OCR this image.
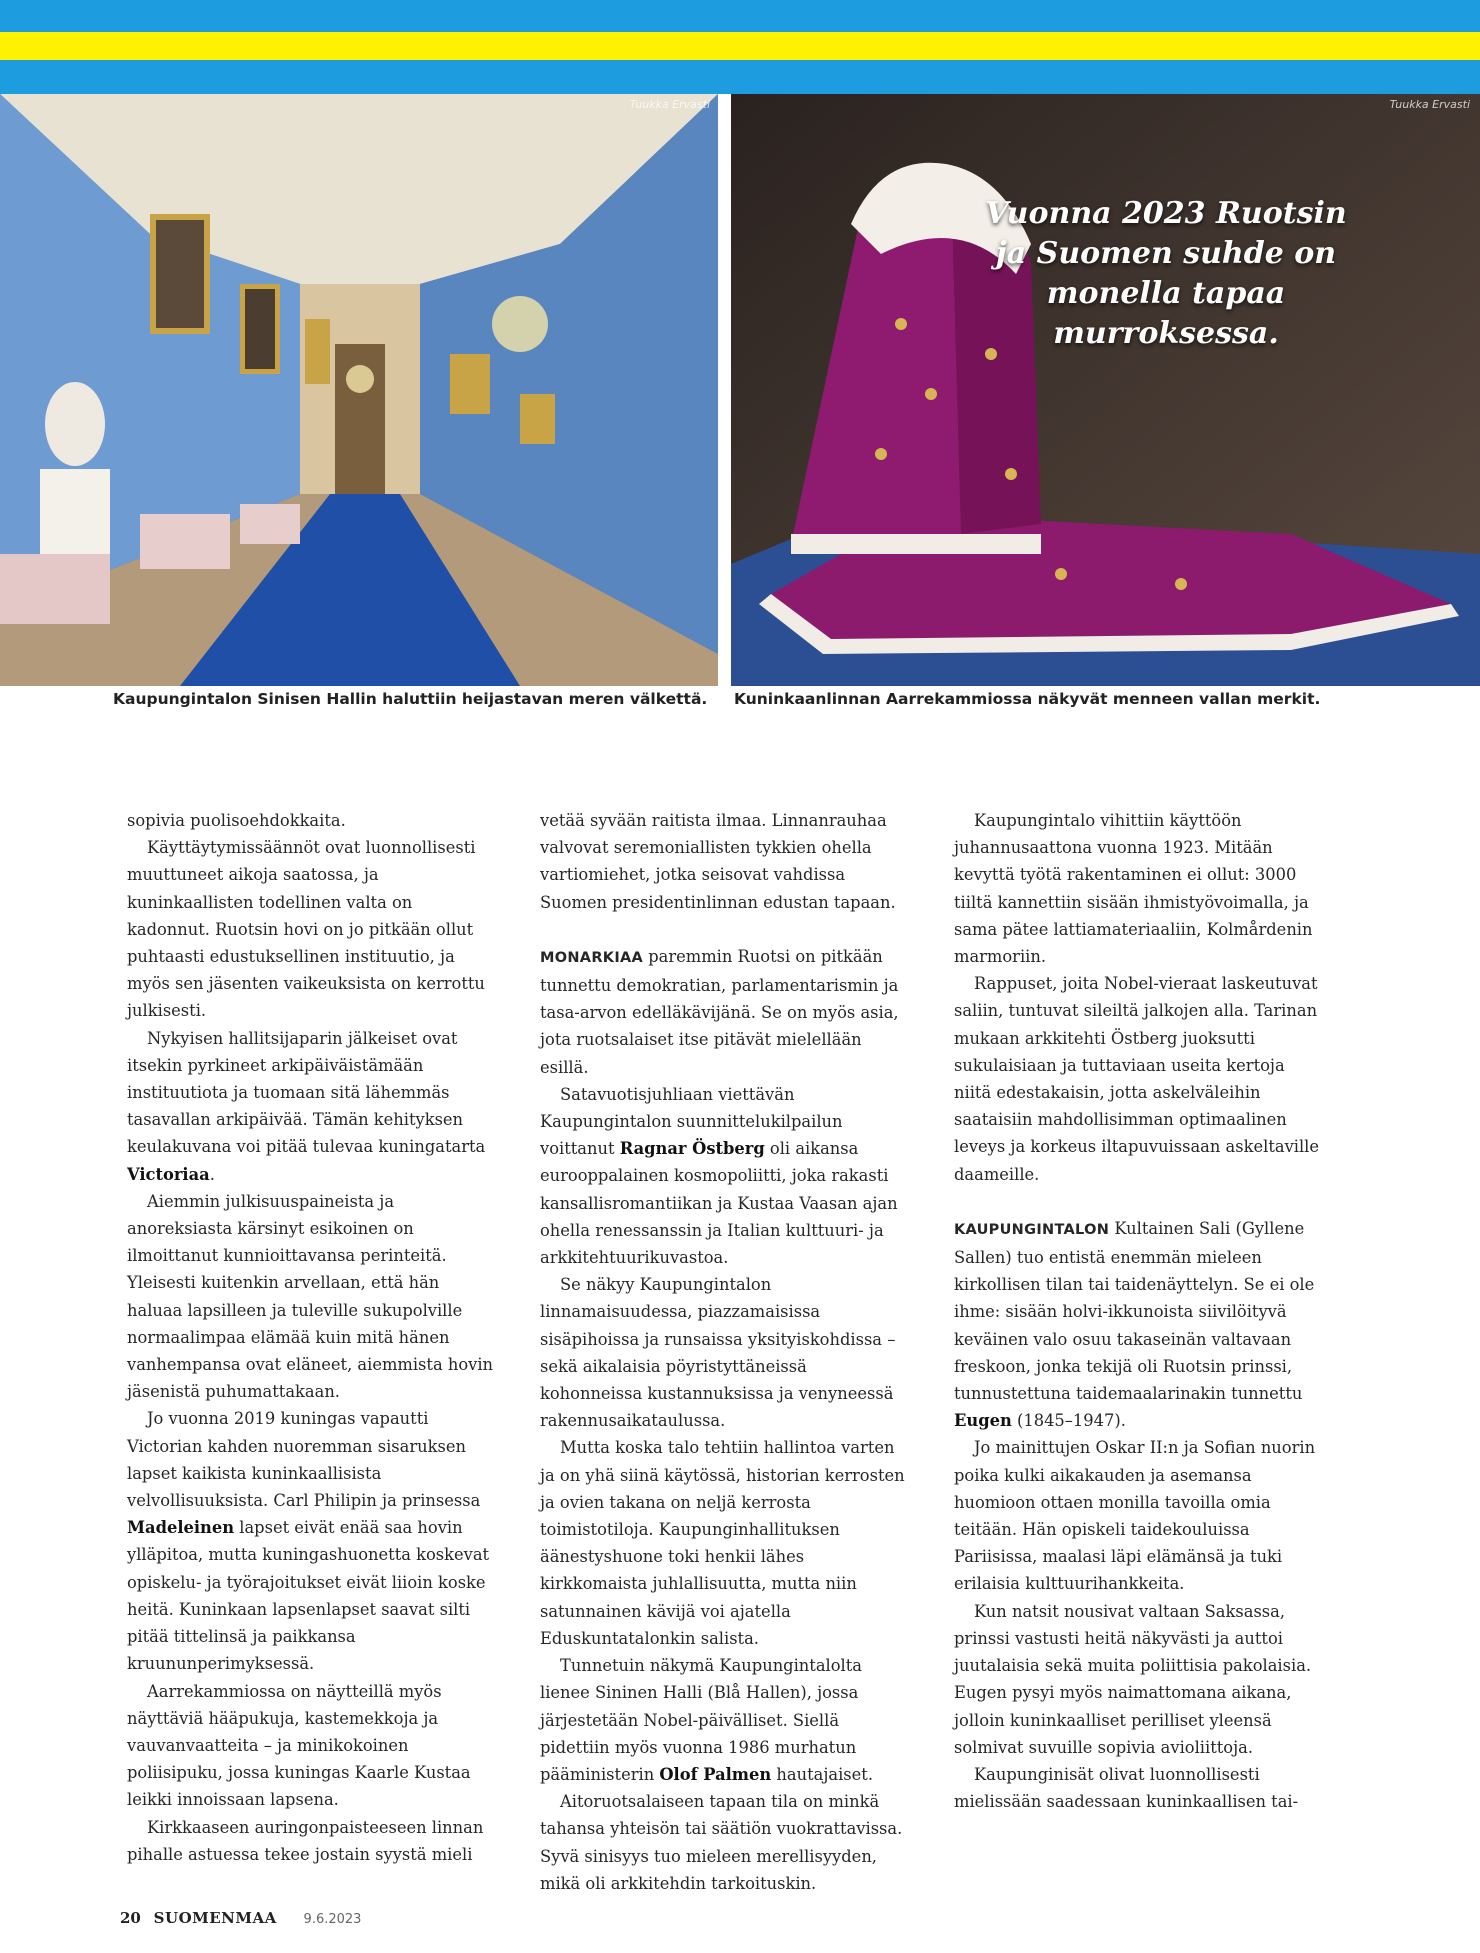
Tuukka Ervasti	Tuukka Ervasti
Vuonna 2023 Ruotsin ja Suomen suhde on monella tapaa murroksessa.
Kaupungintalon Sinisen Hallin haluttiin heijastavan meren välkettä. Kuninkaanlinnan Aarrekammiossa näkyvät menneen vallan merkit.

sopivia puolisoehdokkaita.

Käyttäytymissäännöt ovat luonnollisesti muuttuneet aikoja saatossa, ja kuninkaallisten todellinen valta on kadonnut. Ruotsin hovi on jo pitkään ollut puhtaasti edustuksellinen instituutio, ja myös sen jäsenten vaikeuksista on kerrottu julkisesti.

Nykyisen hallitsijaparin jälkeiset ovat itsekin pyrkineet arkipäiväistämään instituutiota ja tuomaan sitä lähemmäs tasavallan arkipäivää. Tämän kehityksen keulakuvana voi pitää tulevaa kuningatarta Victoriaa.

Aiemmin julkisuuspaineista ja anoreksiasta kärsinyt esikoinen on ilmoittanut kunnioittavansa perinteitä. Yleisesti kuitenkin arvellaan, että hän haluaa lapsilleen ja tuleville sukupolville normaalimpaa elämää kuin mitä hänen vanhempansa ovat eläneet, aiemmista hovin jäsenistä puhumattakaan.

Jo vuonna 2019 kuningas vapautti Victorian kahden nuoremman sisaruksen lapset kaikista kuninkaallisista velvollisuuksista. Carl Philipin ja prinsessa Madeleinen lapset eivät enää saa hovin ylläpitoa, mutta kuningashuonetta koskevat opiskelu- ja työrajoitukset eivät liioin koske heitä. Kuninkaan lapsenlapset saavat silti pitää tittelinsä ja paikkansa kruununperimyksessä.

Aarrekammiossa on näytteillä myös näyttäviä hääpukuja, kastemekkoja ja vauvanvaatteita – ja minikokoinen poliisipuku, jossa kuningas Kaarle Kustaa leikki innoissaan lapsena.

Kirkkaaseen auringonpaisteeseen linnan pihalle astuessa tekee jostain syystä mieli

vetää syvään raitista ilmaa. Linnanrauhaa valvovat seremoniallisten tykkien ohella vartiomiehet, jotka seisovat vahdissa Suomen presidentinlinnan edustan tapaan.

MONARKIAA paremmin Ruotsi on pitkään tunnettu demokratian, parlamentarismin ja tasa-arvon edelläkävijänä. Se on myös asia, jota ruotsalaiset itse pitävät mielellään esillä.

Satavuotisjuhliaan viettävän Kaupungintalon suunnittelukilpailun voittanut Ragnar Östberg oli aikansa eurooppalainen kosmopoliitti, joka rakasti kansallisromantiikan ja Kustaa Vaasan ajan ohella renessanssin ja Italian kulttuuri- ja arkkitehtuurikuvastoa.

Se näkyy Kaupungintalon linnamaisuudessa, piazzamaisissa sisäpihoissa ja runsaissa yksityiskohdissa – sekä aikalaisia pöyristyttäneissä kohonneissa kustannuksissa ja venyneessä rakennusaikataulussa.

Mutta koska talo tehtiin hallintoa varten ja on yhä siinä käytössä, historian kerrosten ja ovien takana on neljä kerrosta toimistotiloja. Kaupunginhallituksen äänestyshuone toki henkii lähes kirkkomaista juhlallisuutta, mutta niin satunnainen kävijä voi ajatella Eduskuntatalonkin salista.

Tunnetuin näkymä Kaupungintalolta lienee Sininen Halli (Blå Hallen), jossa järjestetään Nobel-päivälliset. Siellä pidettiin myös vuonna 1986 murhatun pääministerin Olof Palmen hautajaiset.

Aitoruotsalaiseen tapaan tila on minkä tahansa yhteisön tai säätiön vuokrattavissa. Syvä sinisyys tuo mieleen merellisyyden, mikä oli arkkitehdin tarkoituskin.

Kaupungintalo vihittiin käyttöön juhannusaattona vuonna 1923. Mitään kevyttä työtä rakentaminen ei ollut: 3000 tiiltä kannettiin sisään ihmistyövoimalla, ja sama pätee lattiamateriaaliin, Kolmårdenin marmoriin.

Rappuset, joita Nobel-vieraat laskeutuvat saliin, tuntuvat sileiltä jalkojen alla. Tarinan mukaan arkkitehti Östberg juoksutti sukulaisiaan ja tuttaviaan useita kertoja niitä edestakaisin, jotta askelväleihin saataisiin mahdollisimman optimaalinen leveys ja korkeus iltapuvuissaan askeltaville daameille.

KAUPUNGINTALON Kultainen Sali (Gyllene Sallen) tuo entistä enemmän mieleen kirkollisen tilan tai taidenäyttelyn. Se ei ole ihme: sisään holvi-ikkunoista siivilöityvä keväinen valo osuu takaseinän valtavaan freskoon, jonka tekijä oli Ruotsin prinssi, tunnustettuna taidemaalarinakin tunnettu Eugen (1845–1947).

Jo mainittujen Oskar II:n ja Sofian nuorin poika kulki aikakauden ja asemansa huomioon ottaen monilla tavoilla omia teitään. Hän opiskeli taidekouluissa Pariisissa, maalasi läpi elämänsä ja tuki erilaisia kulttuurihankkeita.

Kun natsit nousivat valtaan Saksassa, prinssi vastusti heitä näkyvästi ja auttoi juutalaisia sekä muita poliittisia pakolaisia. Eugen pysyi myös naimattomana aikana, jolloin kuninkaalliset perilliset yleensä solmivat suvuille sopivia avioliittoja.

Kaupunginisät olivat luonnollisesti mielissään saadessaan kuninkaallisen tai-

20 SUOMENMAA 9.6.2023
